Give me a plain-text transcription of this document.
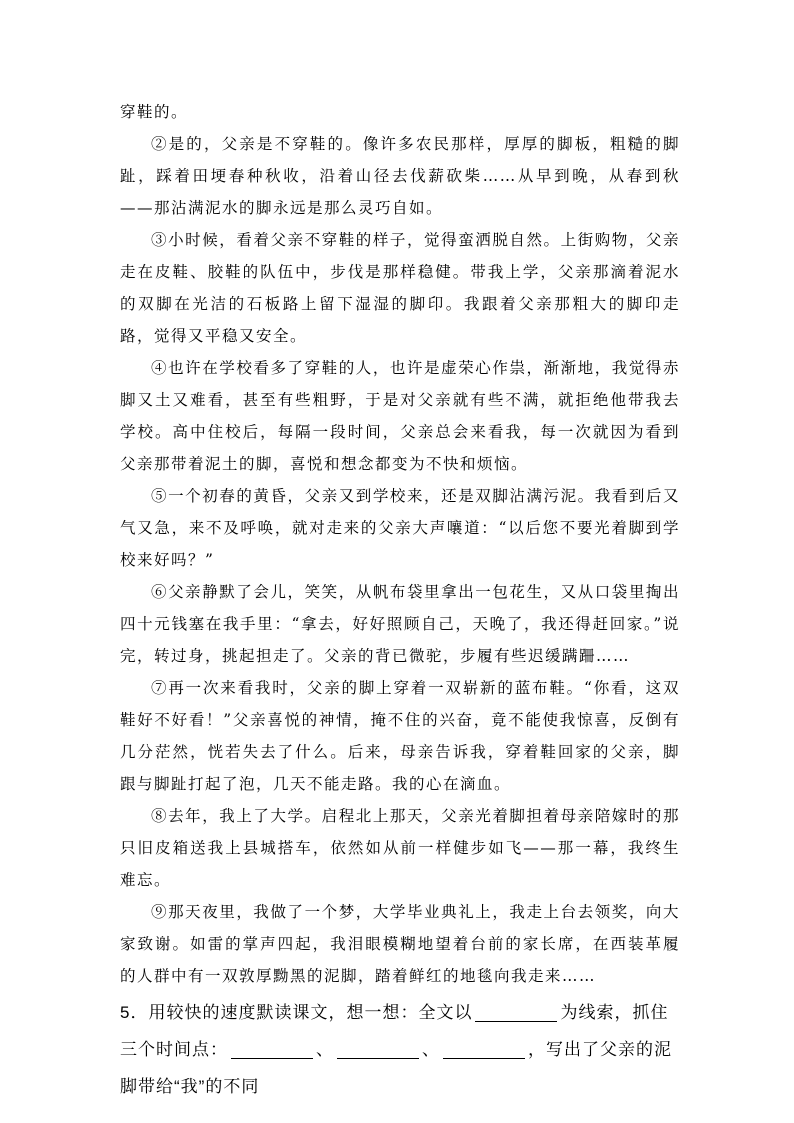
穿鞋的。

②是的，父亲是不穿鞋的。像许多农民那样，厚厚的脚板，粗糙的脚趾，踩着田埂春种秋收，沿着山径去伐薪砍柴……从早到晚，从春到秋——那沾满泥水的脚永远是那么灵巧自如。

③小时候，看着父亲不穿鞋的样子，觉得蛮洒脱自然。上街购物，父亲走在皮鞋、胶鞋的队伍中，步伐是那样稳健。带我上学，父亲那滴着泥水的双脚在光洁的石板路上留下湿湿的脚印。我跟着父亲那粗大的脚印走路，觉得又平稳又安全。

④也许在学校看多了穿鞋的人，也许是虚荣心作祟，渐渐地，我觉得赤脚又土又难看，甚至有些粗野，于是对父亲就有些不满，就拒绝他带我去学校。高中住校后，每隔一段时间，父亲总会来看我，每一次就因为看到父亲那带着泥土的脚，喜悦和想念都变为不快和烦恼。

⑤一个初春的黄昏，父亲又到学校来，还是双脚沾满污泥。我看到后又气又急，来不及呼唤，就对走来的父亲大声嚷道：“以后您不要光着脚到学校来好吗？”

⑥父亲静默了会儿，笑笑，从帆布袋里拿出一包花生，又从口袋里掏出四十元钱塞在我手里：“拿去，好好照顾自己，天晚了，我还得赶回家。”说完，转过身，挑起担走了。父亲的背已微驼，步履有些迟缓蹒跚……

⑦再一次来看我时，父亲的脚上穿着一双崭新的蓝布鞋。“你看，这双鞋好不好看！”父亲喜悦的神情，掩不住的兴奋，竟不能使我惊喜，反倒有几分茫然，恍若失去了什么。后来，母亲告诉我，穿着鞋回家的父亲，脚跟与脚趾打起了泡，几天不能走路。我的心在滴血。

⑧去年，我上了大学。启程北上那天，父亲光着脚担着母亲陪嫁时的那只旧皮箱送我上县城搭车，依然如从前一样健步如飞——那一幕，我终生难忘。

⑨那天夜里，我做了一个梦，大学毕业典礼上，我走上台去领奖，向大家致谢。如雷的掌声四起，我泪眼模糊地望着台前的家长席，在西装革履的人群中有一双敦厚黝黑的泥脚，踏着鲜红的地毯向我走来……

5．用较快的速度默读课文，想一想：全文以	为线索，抓住三个时间点：	、	、	，写出了父亲的泥脚带给“我”的不同
